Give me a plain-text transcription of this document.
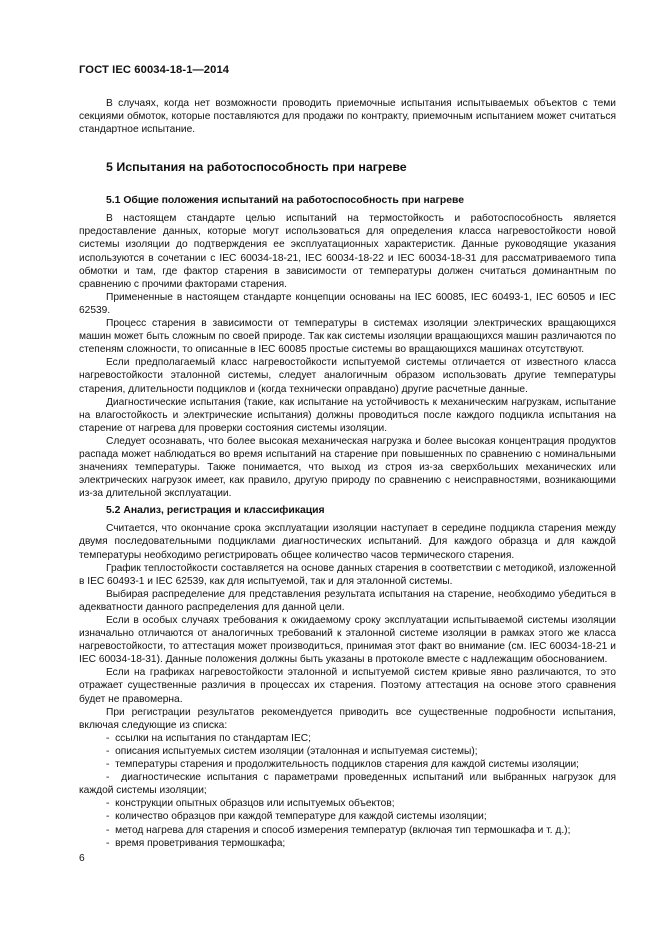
ГОСТ IEC 60034-18-1—2014

В случаях, когда нет возможности проводить приемочные испытания испытываемых объектов с теми секциями обмоток, которые поставляются для продажи по контракту, приемочным испытанием может считаться стандартное испытание.

5 Испытания на работоспособность при нагреве
5.1 Общие положения испытаний на работоспособность при нагреве

В настоящем стандарте целью испытаний на термостойкость и работоспособность является предоставление данных, которые могут использоваться для определения класса нагревостойкости новой системы изоляции до подтверждения ее эксплуатационных характеристик. Данные руководящие указания используются в сочетании с IEC 60034-18-21, IEC 60034-18-22 и IEC 60034-18-31 для рассматриваемого типа обмотки и там, где фактор старения в зависимости от температуры должен считаться доминантным по сравнению с прочими факторами старения.

Примененные в настоящем стандарте концепции основаны на IEC 60085, IEC 60493-1, IEC 60505 и IEC 62539.

Процесс старения в зависимости от температуры в системах изоляции электрических вращающихся машин может быть сложным по своей природе. Так как системы изоляции вращающихся машин различаются по степеням сложности, то описанные в IEC 60085 простые системы во вращающихся машинах отсутствуют.

Если предполагаемый класс нагревостойкости испытуемой системы отличается от известного класса нагревостойкости эталонной системы, следует аналогичным образом использовать другие температуры старения, длительности подциклов и (когда технически оправдано) другие расчетные данные.

Диагностические испытания (такие, как испытание на устойчивость к механическим нагрузкам, испытание на влагостойкость и электрические испытания) должны проводиться после каждого подцикла испытания на старение от нагрева для проверки состояния системы изоляции.

Следует осознавать, что более высокая механическая нагрузка и более высокая концентрация продуктов распада может наблюдаться во время испытаний на старение при повышенных по сравнению с номинальными значениях температуры. Также понимается, что выход из строя из-за сверхбольших механических или электрических нагрузок имеет, как правило, другую природу по сравнению с неисправностями, возникающими из-за длительной эксплуатации.

5.2 Анализ, регистрация и классификация

Считается, что окончание срока эксплуатации изоляции наступает в середине подцикла старения между двумя последовательными подциклами диагностических испытаний. Для каждого образца и для каждой температуры необходимо регистрировать общее количество часов термического старения.

График теплостойкости составляется на основе данных старения в соответствии с методикой, изложенной в IEC 60493-1 и IEC 62539, как для испытуемой, так и для эталонной системы.

Выбирая распределение для представления результата испытания на старение, необходимо убедиться в адекватности данного распределения для данной цели.

Если в особых случаях требования к ожидаемому сроку эксплуатации испытываемой системы изоляции изначально отличаются от аналогичных требований к эталонной системе изоляции в рамках этого же класса нагревостойкости, то аттестация может производиться, принимая этот факт во внимание (см. IEC 60034-18-21 и IEC 60034-18-31). Данные положения должны быть указаны в протоколе вместе с надлежащим обоснованием.

Если на графиках нагревостойкости эталонной и испытуемой систем кривые явно различаются, то это отражает существенные различия в процессах их старения. Поэтому аттестация на основе этого сравнения будет не правомерна.

При регистрации результатов рекомендуется приводить все существенные подробности испытания, включая следующие из списка:

-  ссылки на испытания по стандартам IEC;
-  описания испытуемых систем изоляции (эталонная и испытуемая системы);
-  температуры старения и продолжительность подциклов старения для каждой системы изоляции;
-  диагностические испытания с параметрами проведенных испытаний или выбранных нагрузок для каждой системы изоляции;
-  конструкции опытных образцов или испытуемых объектов;
-  количество образцов при каждой температуре для каждой системы изоляции;
-  метод нагрева для старения и способ измерения температур (включая тип термошкафа и т. д.);
-  время проветривания термошкафа;
6
